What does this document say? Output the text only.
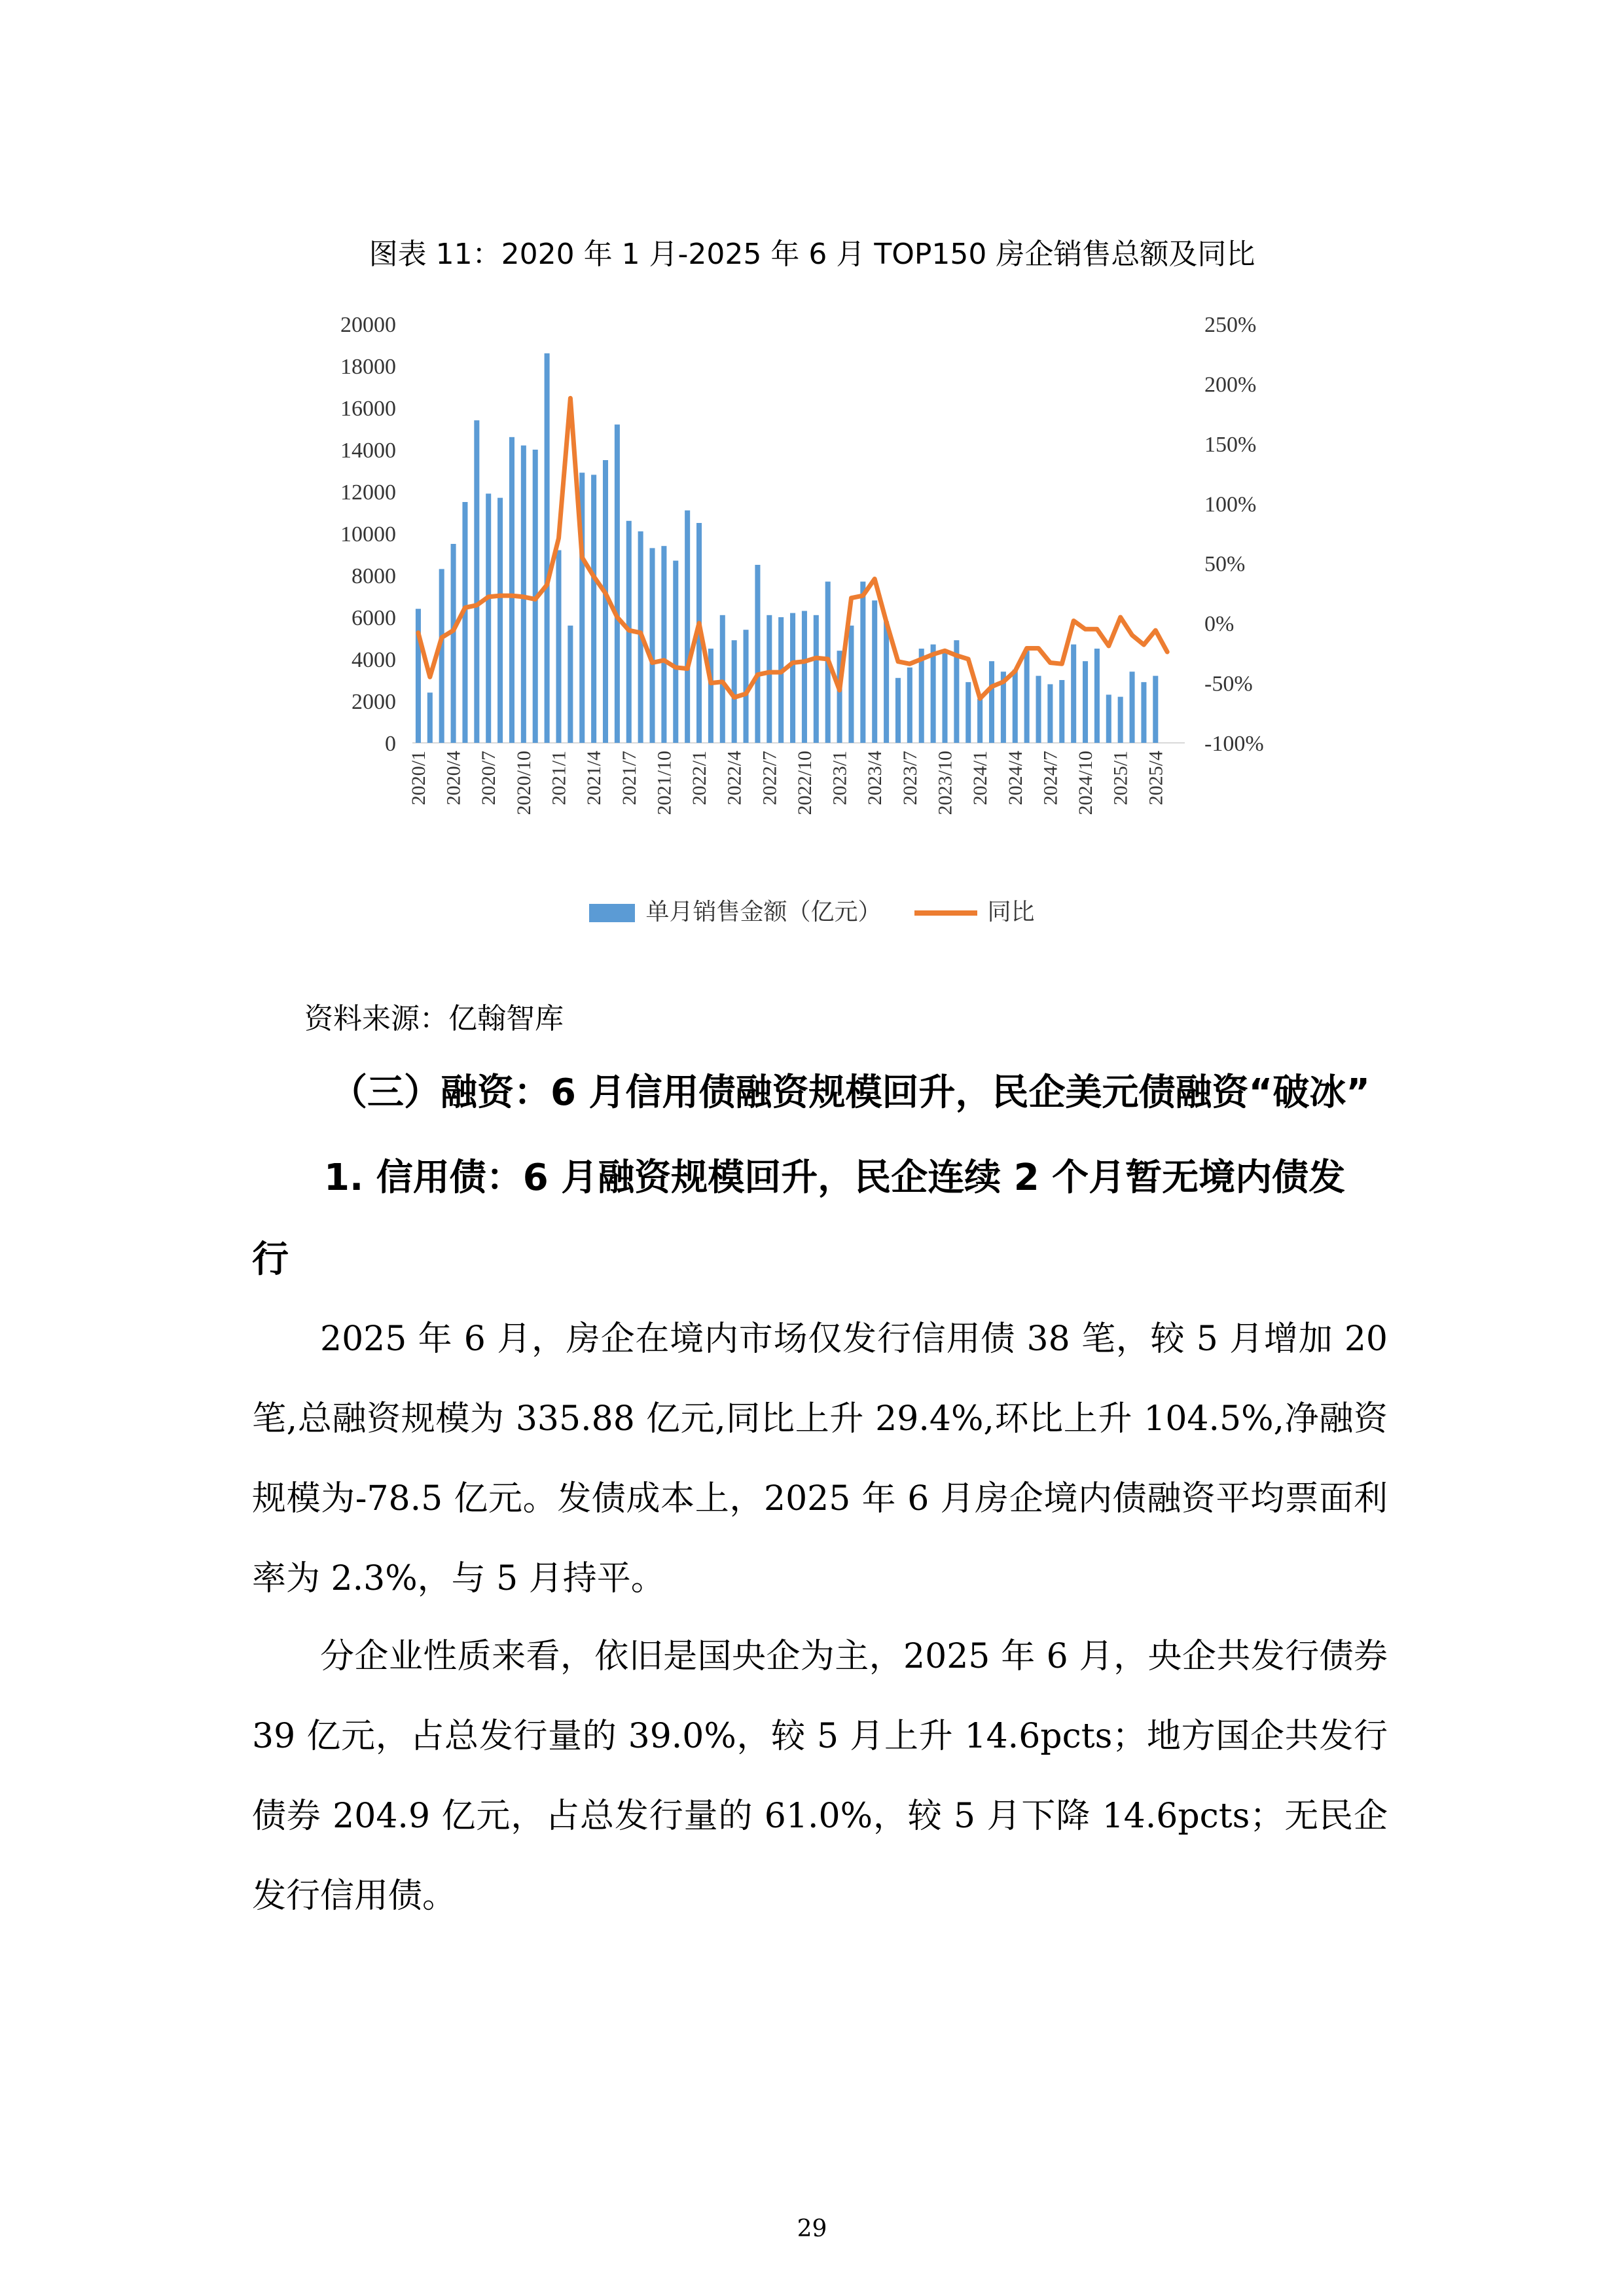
图表 11：2020 年 1 月-2025 年 6 月 TOP150 房企销售总额及同比
0
2000
4000
6000
8000
10000
12000
14000
16000
18000
20000
-100%
-50%
0%
50%
100%
150%
200%
250%
2020/1 2020/4 2020/7 2020/10 2021/1 2021/4 2021/7 2021/10 2022/1 2022/4 2022/7 2022/10 2023/1 2023/4 2023/7 2023/10 2024/1 2024/4 2024/7 2024/10 2025/1 2025/4
单月销售金额（亿元）	同比
资料来源：亿翰智库
（三）融资：6 月信用债融资规模回升，民企美元债融资“破冰”
1. 信用债：6 月融资规模回升，民企连续 2 个月暂无境内债发
行
2025 年 6 月，房企在境内市场仅发行信用债 38 笔，较 5 月增加 20 笔,总融资规模为 335.88 亿元,同比上升 29.4%,环比上升 104.5%,净融资规模为-78.5 亿元。发债成本上，2025 年 6 月房企境内债融资平均票面利率为 2.3%，与 5 月持平。
分企业性质来看，依旧是国央企为主，2025 年 6 月，央企共发行债券 39 亿元，占总发行量的 39.0%，较 5 月上升 14.6pcts；地方国企共发行债券 204.9 亿元，占总发行量的 61.0%，较 5 月下降 14.6pcts；无民企发行信用债。
29
